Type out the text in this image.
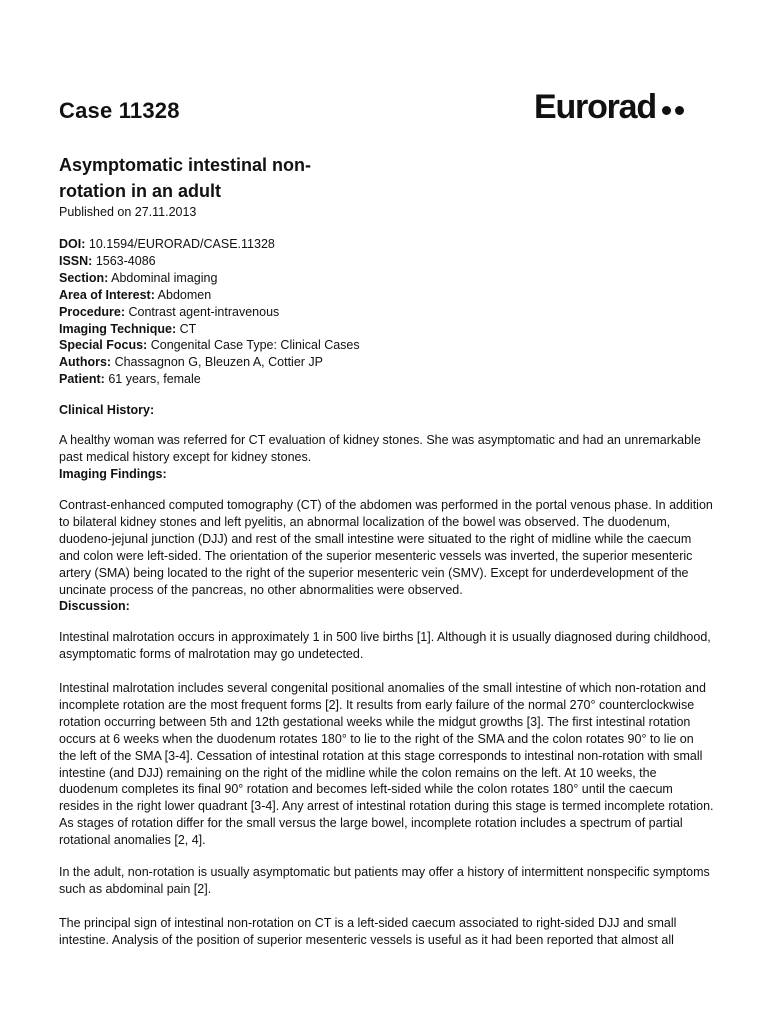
Case 11328	Eurorad
Asymptomatic intestinal non-rotation in an adult
Published on 27.11.2013
DOI: 10.1594/EURORAD/CASE.11328
ISSN: 1563-4086
Section: Abdominal imaging
Area of Interest: Abdomen
Procedure: Contrast agent-intravenous
Imaging Technique: CT
Special Focus: Congenital Case Type: Clinical Cases
Authors: Chassagnon G, Bleuzen A, Cottier JP
Patient: 61 years, female

Clinical History:

A healthy woman was referred for CT evaluation of kidney stones. She was asymptomatic and had an unremarkable past medical history except for kidney stones.

Imaging Findings:

Contrast-enhanced computed tomography (CT) of the abdomen was performed in the portal venous phase. In addition to bilateral kidney stones and left pyelitis, an abnormal localization of the bowel was observed. The duodenum, duodeno-jejunal junction (DJJ) and rest of the small intestine were situated to the right of midline while the caecum and colon were left-sided. The orientation of the superior mesenteric vessels was inverted, the superior mesenteric artery (SMA) being located to the right of the superior mesenteric vein (SMV). Except for underdevelopment of the uncinate process of the pancreas, no other abnormalities were observed.

Discussion:

Intestinal malrotation occurs in approximately 1 in 500 live births [1]. Although it is usually diagnosed during childhood, asymptomatic forms of malrotation may go undetected.

Intestinal malrotation includes several congenital positional anomalies of the small intestine of which non-rotation and incomplete rotation are the most frequent forms [2]. It results from early failure of the normal 270° counterclockwise rotation occurring between 5th and 12th gestational weeks while the midgut growths [3]. The first intestinal rotation occurs at 6 weeks when the duodenum rotates 180° to lie to the right of the SMA and the colon rotates 90° to lie on the left of the SMA [3-4]. Cessation of intestinal rotation at this stage corresponds to intestinal non-rotation with small intestine (and DJJ) remaining on the right of the midline while the colon remains on the left. At 10 weeks, the duodenum completes its final 90° rotation and becomes left-sided while the colon rotates 180° until the caecum resides in the right lower quadrant [3-4]. Any arrest of intestinal rotation during this stage is termed incomplete rotation. As stages of rotation differ for the small versus the large bowel, incomplete rotation includes a spectrum of partial rotational anomalies [2, 4].

In the adult, non-rotation is usually asymptomatic but patients may offer a history of intermittent nonspecific symptoms such as abdominal pain [2].

The principal sign of intestinal non-rotation on CT is a left-sided caecum associated to right-sided DJJ and small intestine. Analysis of the position of superior mesenteric vessels is useful as it had been reported that almost all
